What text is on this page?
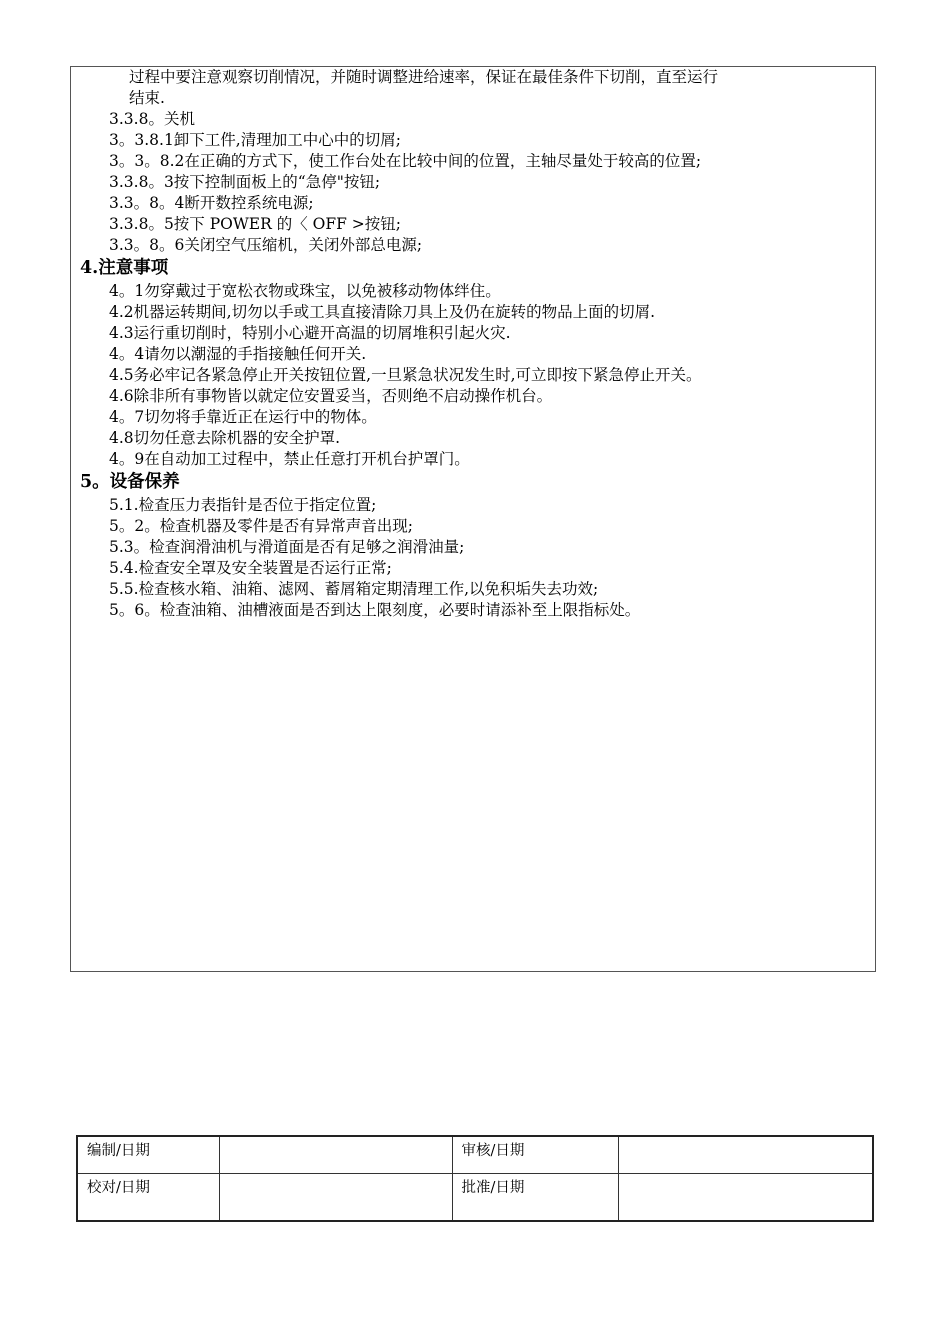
过程中要注意观察切削情况，并随时调整进给速率，保证在最佳条件下切削，直至运行
结束.
3.3.8。关机
3。3.8.1卸下工件,清理加工中心中的切屑;
3。3。8.2在正确的方式下，使工作台处在比较中间的位置，主轴尽量处于较高的位置;
3.3.8。3按下控制面板上的“急停"按钮;
3.3。8。4断开数控系统电源;
3.3.8。5按下 POWER 的〈 OFF >按钮;
3.3。8。6关闭空气压缩机，关闭外部总电源;
4.注意事项
4。1勿穿戴过于宽松衣物或珠宝，以免被移动物体绊住。
4.2机器运转期间,切勿以手或工具直接清除刀具上及仍在旋转的物品上面的切屑.
4.3运行重切削时，特别小心避开高温的切屑堆积引起火灾.
4。4请勿以潮湿的手指接触任何开关.
4.5务必牢记各紧急停止开关按钮位置,一旦紧急状况发生时,可立即按下紧急停止开关。
4.6除非所有事物皆以就定位安置妥当，否则绝不启动操作机台。
4。7切勿将手靠近正在运行中的物体。
4.8切勿任意去除机器的安全护罩.
4。9在自动加工过程中，禁止任意打开机台护罩门。
5。设备保养
5.1.检查压力表指针是否位于指定位置;
5。2。检查机器及零件是否有异常声音出现;
5.3。检查润滑油机与滑道面是否有足够之润滑油量;
5.4.检查安全罩及安全装置是否运行正常;
5.5.检查核水箱、油箱、滤网、蓄屑箱定期清理工作,以免积垢失去功效;
5。6。检查油箱、油槽液面是否到达上限刻度，必要时请添补至上限指标处。
编制/日期		审核/日期	
校对/日期		批准/日期	
